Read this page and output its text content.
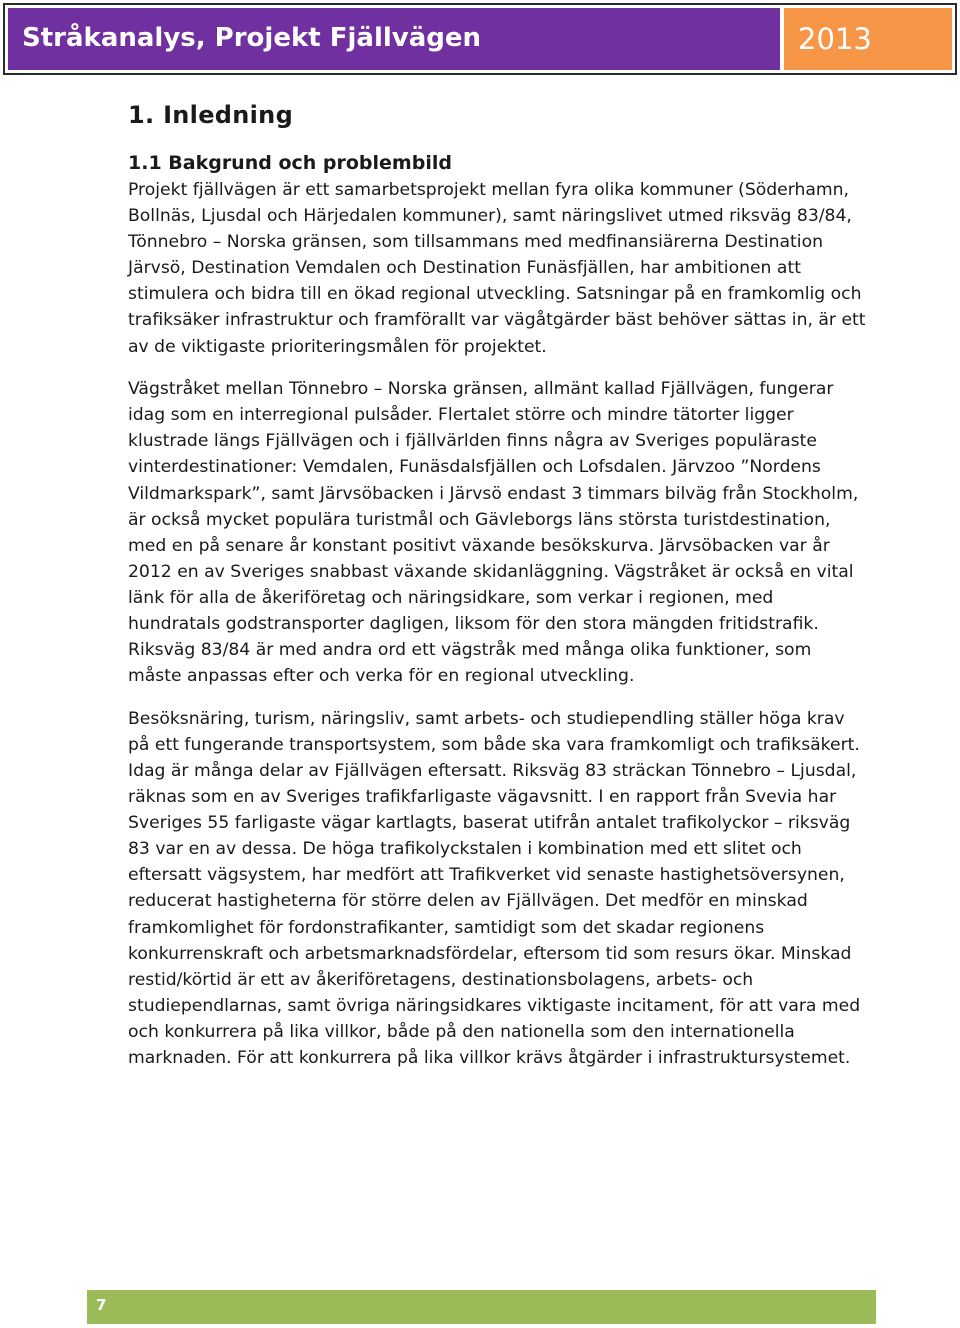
Stråkanalys, Projekt Fjällvägen	2013
1. Inledning
1.1 Bakgrund och problembild

Projekt fjällvägen är ett samarbetsprojekt mellan fyra olika kommuner (Söderhamn, Bollnäs, Ljusdal och Härjedalen kommuner), samt näringslivet utmed riksväg 83/84, Tönnebro – Norska gränsen, som tillsammans med medfinansiärerna Destination Järvsö, Destination Vemdalen och Destination Funäsfjällen, har ambitionen att stimulera och bidra till en ökad regional utveckling. Satsningar på en framkomlig och trafiksäker infrastruktur och framförallt var vägåtgärder bäst behöver sättas in, är ett av de viktigaste prioriteringsmålen för projektet.

Vägstråket mellan Tönnebro – Norska gränsen, allmänt kallad Fjällvägen, fungerar idag som en interregional pulsåder. Flertalet större och mindre tätorter ligger klustrade längs Fjällvägen och i fjällvärlden finns några av Sveriges populäraste vinterdestinationer: Vemdalen, Funäsdalsfjällen och Lofsdalen. Järvzoo ”Nordens Vildmarkspark”, samt Järvsöbacken i Järvsö endast 3 timmars bilväg från Stockholm, är också mycket populära turistmål och Gävleborgs läns största turistdestination, med en på senare år konstant positivt växande besökskurva. Järvsöbacken var år 2012 en av Sveriges snabbast växande skidanläggning. Vägstråket är också en vital länk för alla de åkeriföretag och näringsidkare, som verkar i regionen, med hundratals godstransporter dagligen, liksom för den stora mängden fritidstrafik. Riksväg 83/84 är med andra ord ett vägstråk med många olika funktioner, som måste anpassas efter och verka för en regional utveckling.

Besöksnäring, turism, näringsliv, samt arbets- och studiependling ställer höga krav på ett fungerande transportsystem, som både ska vara framkomligt och trafiksäkert. Idag är många delar av Fjällvägen eftersatt. Riksväg 83 sträckan Tönnebro – Ljusdal, räknas som en av Sveriges trafikfarligaste vägavsnitt. I en rapport från Svevia har Sveriges 55 farligaste vägar kartlagts, baserat utifrån antalet trafikolyckor – riksväg 83 var en av dessa. De höga trafikolyckstalen i kombination med ett slitet och eftersatt vägsystem, har medfört att Trafikverket vid senaste hastighetsöversynen, reducerat hastigheterna för större delen av Fjällvägen. Det medför en minskad framkomlighet för fordonstrafikanter, samtidigt som det skadar regionens konkurrenskraft och arbetsmarknadsfördelar, eftersom tid som resurs ökar. Minskad restid/körtid är ett av åkeriföretagens, destinationsbolagens, arbets- och studiependlarnas, samt övriga näringsidkares viktigaste incitament, för att vara med och konkurrera på lika villkor, både på den nationella som den internationella marknaden. För att konkurrera på lika villkor krävs åtgärder i infrastruktursystemet.

7
